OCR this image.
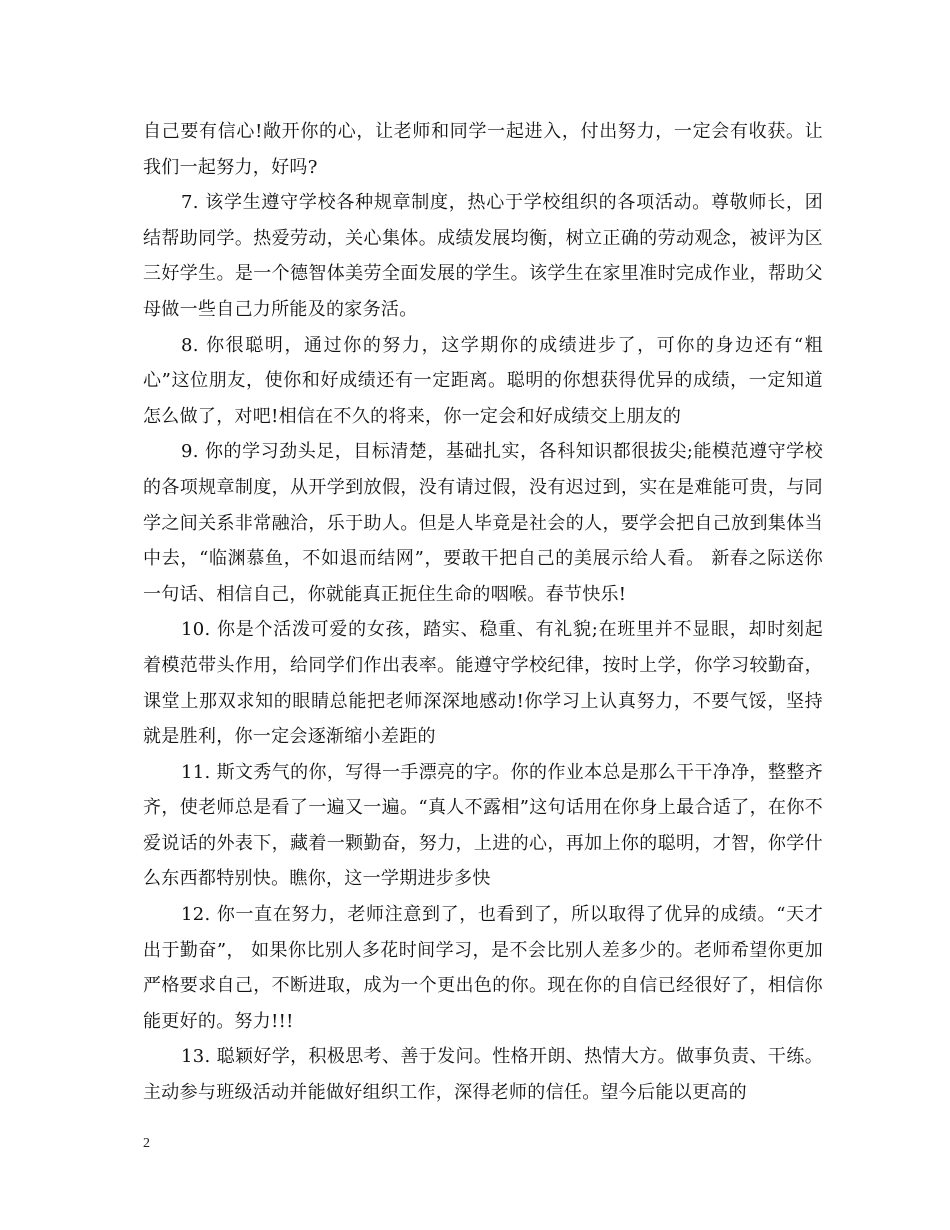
自己要有信心!敞开你的心，让老师和同学一起进入，付出努力，一定会有收获。让我们一起努力，好吗?

7. 该学生遵守学校各种规章制度，热心于学校组织的各项活动。尊敬师长，团结帮助同学。热爱劳动，关心集体。成绩发展均衡，树立正确的劳动观念，被评为区三好学生。是一个德智体美劳全面发展的学生。该学生在家里准时完成作业，帮助父母做一些自己力所能及的家务活。

8. 你很聪明，通过你的努力，这学期你的成绩进步了，可你的身边还有“粗心”这位朋友，使你和好成绩还有一定距离。聪明的你想获得优异的成绩，一定知道怎么做了，对吧!相信在不久的将来，你一定会和好成绩交上朋友的

9. 你的学习劲头足，目标清楚，基础扎实，各科知识都很拔尖;能模范遵守学校的各项规章制度，从开学到放假，没有请过假，没有迟过到，实在是难能可贵，与同学之间关系非常融洽，乐于助人。但是人毕竟是社会的人，要学会把自己放到集体当中去，“临渊慕鱼，不如退而结网”，要敢干把自己的美展示给人看。 新春之际送你一句话、相信自己，你就能真正扼住生命的咽喉。春节快乐!

10. 你是个活泼可爱的女孩，踏实、稳重、有礼貌;在班里并不显眼，却时刻起着模范带头作用，给同学们作出表率。能遵守学校纪律，按时上学，你学习较勤奋，课堂上那双求知的眼睛总能把老师深深地感动!你学习上认真努力，不要气馁，坚持就是胜利，你一定会逐渐缩小差距的

11. 斯文秀气的你，写得一手漂亮的字。你的作业本总是那么干干净净，整整齐齐，使老师总是看了一遍又一遍。“真人不露相”这句话用在你身上最合适了，在你不爱说话的外表下，藏着一颗勤奋，努力，上进的心，再加上你的聪明，才智，你学什么东西都特别快。瞧你，这一学期进步多快

12. 你一直在努力，老师注意到了，也看到了，所以取得了优异的成绩。“天才出于勤奋”， 如果你比别人多花时间学习，是不会比别人差多少的。老师希望你更加严格要求自己，不断进取，成为一个更出色的你。现在你的自信已经很好了，相信你能更好的。努力!!!

13. 聪颖好学，积极思考、善于发问。性格开朗、热情大方。做事负责、干练。主动参与班级活动并能做好组织工作，深得老师的信任。望今后能以更高的

2
